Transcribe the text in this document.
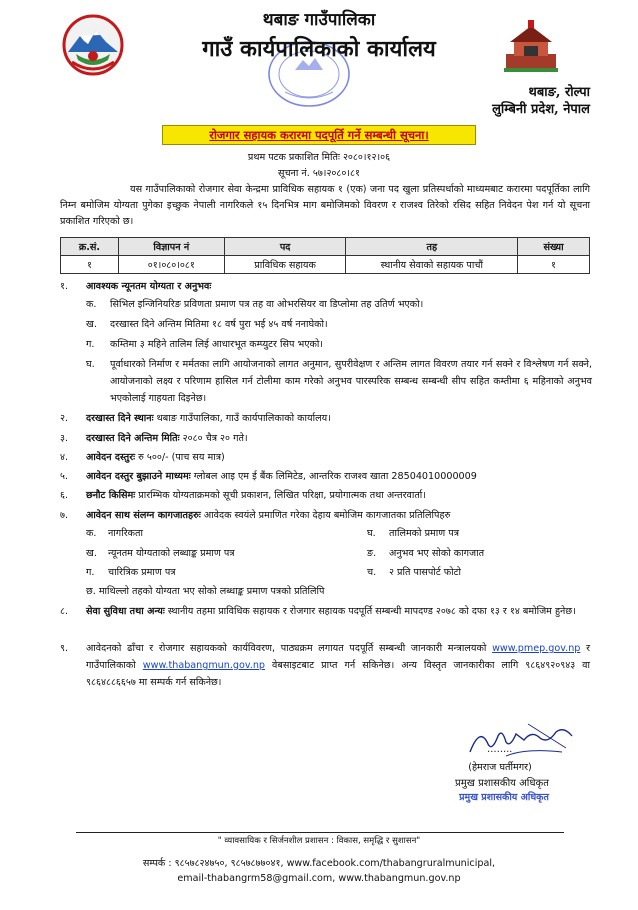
थबाङ गाउँपालिका
गाउँ कार्यपालिकाको कार्यालय
थबाङ, रोल्पा
लुम्बिनी प्रदेश, नेपाल
रोजगार सहायक करारमा पदपूर्ति गर्ने सम्बन्धी सूचना।
प्रथम पटक प्रकाशित मितिः २०८०।१२।०६
सूचना नं. ५७।२०८०।८१
यस गाउँपालिकाको रोजगार सेवा केन्द्रमा प्राविधिक सहायक १ (एक) जना पद खुला प्रतिस्पर्धाको माध्यमबाट करारमा पदपूर्तिका लागि निम्न बमोजिम योग्यता पुगेका इच्छुक नेपाली नागरिकले १५ दिनभित्र माग बमोजिमको विवरण र राजश्व तिरेको रसिद सहित निवेदन पेश गर्न यो सूचना प्रकाशित गरिएको छ।
क्र.सं.	विज्ञापन नं	पद	तह	संख्या
१	०१।०८०।०८१	प्राविधिक सहायक	स्थानीय सेवाको सहायक पाचौं	१
१.	आवश्यक न्यूनतम योग्यता र अनुभवः
क.	सिभिल इन्जिनियरिङ प्रविणता प्रमाण पत्र तह वा ओभरसियर वा डिप्लोमा तह उतिर्ण भएको।
ख.	दरखास्त दिने अन्तिम मितिमा १८ वर्ष पुरा भई ४५ वर्ष ननाघेको।
ग.	कम्तिमा ३ महिने तालिम लिई आधारभूत कम्प्युटर सिप भएको।
घ.	पूर्वाधारको निर्माण र मर्मतका लागि आयोजनाको लागत अनुमान, सुपरीवेक्षण र अन्तिम लागत विवरण तयार गर्न सक्ने र विश्लेषण गर्न सक्ने, आयोजनाको लक्ष्य र परिणाम हासिल गर्न टोलीमा काम गरेको अनुभव पारस्परिक सम्बन्ध सम्बन्धी सीप सहित कम्तीमा ६ महिनाको अनुभव भएकोलाई गाहयता दिइनेछ।
२.	दरखास्त दिने स्थानः थबाङ गाउँपालिका, गाउँ कार्यपालिकाको कार्यालय।
३.	दरखास्त दिने अन्तिम मितिः २०८० चैत्र २० गते।
४.	आवेदन दस्तुरः रु ५००/- (पाच सय मात्र)
५.	आवेदन दस्तुर बुझाउने माध्यमः ग्लोबल आइ एम ई बैंक लिमिटेड, आन्तरिक राजश्व खाता 28504010000009
६.	छनौट किसिमः प्रारम्भिक योग्यताक्रमको सूची प्रकाशन, लिखित परिक्षा, प्रयोगात्मक तथा अन्तरवार्ता।
७.	आवेदन साथ संलग्न कागजातहरुः आवेदक स्वयंले प्रमाणित गरेका देहाय बमोजिम कागजातका प्रतिलिपिहरु
क. नागरिकता
ख. न्यूनतम योग्यताको लब्धाङ्क प्रमाण पत्र
ग. चारित्रिक प्रमाण पत्र
घ. तालिमको प्रमाण पत्र
ङ. अनुभव भए सोको कागजात
च. २ प्रति पासपोर्ट फोटो
छ. माथिल्लो तहको योग्यता भए सोको लब्धाङ्क प्रमाण पत्रको प्रतिलिपि
८.	सेवा सुविधा तथा अन्यः स्थानीय तहमा प्राविधिक सहायक र रोजगार सहायक पदपूर्ति सम्बन्धी मापदण्ड २०७८ को दफा १३ र १४ बमोजिम हुनेछ।
९.	आवेदनको ढाँचा र रोजगार सहायकको कार्यविवरण, पाठ्यक्रम लगायत पदपूर्ति सम्बन्धी जानकारी मन्त्रालयको www.pmep.gov.np र गाउँपालिकाको www.thabangmun.gov.np वेबसाइटबाट प्राप्त गर्न सकिनेछ। अन्य विस्तृत जानकारीका लागि ९८६४९२०९४३ वा ९८६४८८६६५७ मा सम्पर्क गर्न सकिनेछ।
……..
(हेमराज घर्तीमगर)
प्रमुख प्रशासकीय अधिकृत
प्रमुख प्रशासकीय अधिकृत
" व्यावसायिक र सिर्जनशील प्रशासन : विकास, समृद्धि र सुशासन"
सम्पर्क : ९८५७८२४७५०, ९८५७८७७०४१, www.facebook.com/thabangruralmunicipal,
email-thabangrm58@gmail.com, www.thabangmun.gov.np
